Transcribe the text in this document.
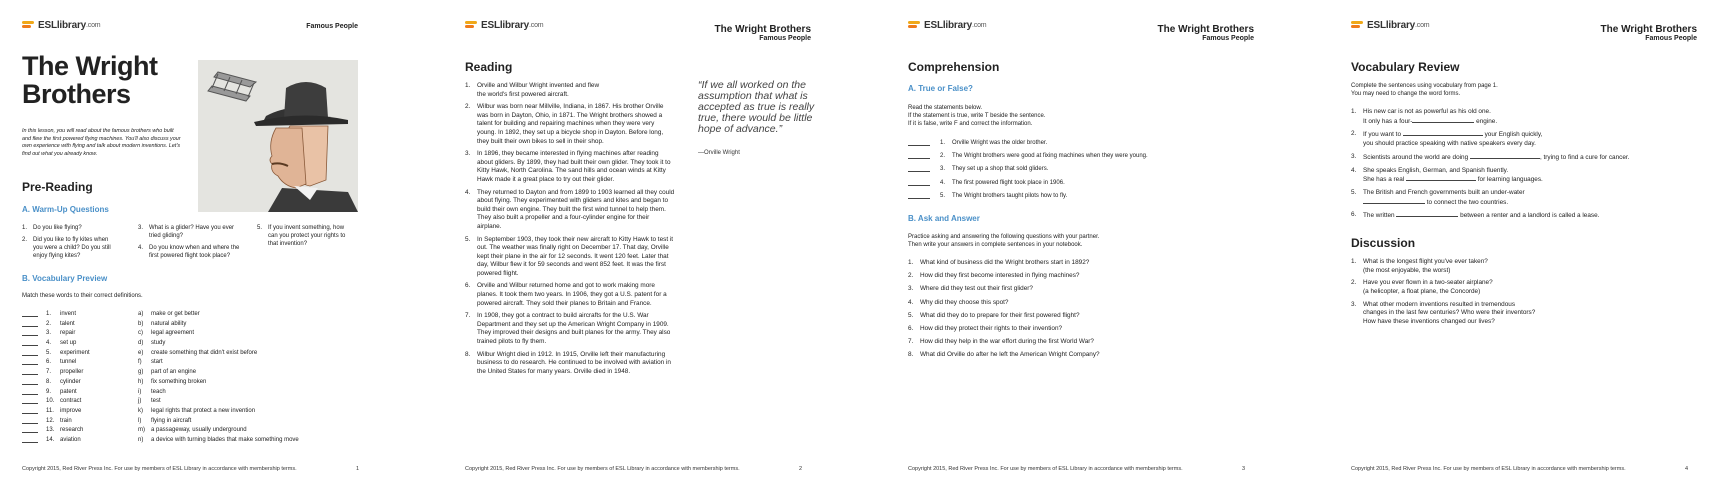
ESLlibrary .com	Famous People
The Wright Brothers
In this lesson, you will read about the famous brothers who built and flew the first powered flying machines. You'll also discuss your own experience with flying and talk about modern inventions. Let's find out what you already know.
Pre-Reading
A. Warm-Up Questions
1. Do you like flying?
2. Did you like to fly kites when you were a child? Do you still enjoy flying kites?
3. What is a glider? Have you ever tried gliding?
4. Do you know when and where the first powered flight took place?
5. If you invent something, how can you protect your rights to that invention?
B. Vocabulary Preview
Match these words to their correct definitions.
1.	invent	a)	make or get better
2.	talent	b)	natural ability
3.	repair	c)	legal agreement
4.	set up	d)	study
5.	experiment	e)	create something that didn't exist before
6.	tunnel	f)	start
7.	propeller	g)	part of an engine
8.	cylinder	h)	fix something broken
9.	patent	i)	teach
10. contract	j)	test
11.	improve	k)	legal rights that protect a new invention
12. train	l)	flying in aircraft
13. research	m)	a passageway, usually underground
14. aviation	n)	a device with turning blades that make something move
Copyright 2015, Red River Press Inc. For use by members of ESL Library in accordance with membership terms.	1
ESLlibrary .com	The Wright Brothers
Famous People
Reading
1.	Orville and Wilbur Wright invented and flew the world's first powered aircraft.
2.	Wilbur was born near Millville, Indiana, in 1867. His brother Orville was born in Dayton, Ohio, in 1871. The Wright brothers showed a talent for building and repairing machines when they were very young. In 1892, they set up a bicycle shop in Dayton. Before long, they built their own bikes to sell in their shop.
3.	In 1896, they became interested in flying machines after reading about gliders. By 1899, they had built their own glider. They took it to Kitty Hawk, North Carolina. The sand hills and ocean winds at Kitty Hawk made it a great place to try out their glider.
4.	They returned to Dayton and from 1899 to 1903 learned all they could about flying. They experimented with gliders and kites and began to build their own engine. They built the first wind tunnel to help them. They also built a propeller and a four-cylinder engine for their airplane.
5.	In September 1903, they took their new aircraft to Kitty Hawk to test it out. The weather was finally right on December 17. That day, Orville kept their plane in the air for 12 seconds. It went 120 feet. Later that day, Wilbur flew it for 59 seconds and went 852 feet. It was the first powered flight.
6.	Orville and Wilbur returned home and got to work making more planes. It took them two years. In 1906, they got a U.S. patent for a powered aircraft. They sold their planes to Britain and France.
7.	In 1908, they got a contract to build aircrafts for the U.S. War Department and they set up the American Wright Company in 1909. They improved their designs and built planes for the army. They also trained pilots to fly them.
8.	Wilbur Wright died in 1912. In 1915, Orville left their manufacturing business to do research. He continued to be involved with aviation in the United States for many years. Orville died in 1948.
“If we all worked on the assumption that what is accepted as true is really true, there would be little hope of advance.”
—Orville Wright
Copyright 2015, Red River Press Inc. For use by members of ESL Library in accordance with membership terms.	2
ESLlibrary .com	The Wright Brothers
Famous People
Comprehension
A. True or False?
Read the statements below.
If the statement is true, write T beside the sentence.
If it is false, write F and correct the information.
1.	Orville Wright was the older brother.
2.	The Wright brothers were good at fixing machines when they were young.
3.	They set up a shop that sold gliders.
4.	The first powered flight took place in 1906.
5.	The Wright brothers taught pilots how to fly.
B. Ask and Answer
Practice asking and answering the following questions with your partner.
Then write your answers in complete sentences in your notebook.
1.	What kind of business did the Wright brothers start in 1892?
2.	How did they first become interested in flying machines?
3.	Where did they test out their first glider?
4.	Why did they choose this spot?
5.	What did they do to prepare for their first powered flight?
6.	How did they protect their rights to their invention?
7.	How did they help in the war effort during the first World War?
8.	What did Orville do after he left the American Wright Company?
Copyright 2015, Red River Press Inc. For use by members of ESL Library in accordance with membership terms.	3
ESLlibrary .com	The Wright Brothers
Famous People
Vocabulary Review
Complete the sentences using vocabulary from page 1.
You may need to change the word forms.
1.	His new car is not as powerful as his old one.
It only has a four-	engine.
2.	If you want to	your English quickly,
you should practice speaking with native speakers every day.
3.	Scientists around the world are doing	, trying to find a cure for cancer.
4.	She speaks English, German, and Spanish fluently.
She has a real	for learning languages.
5.	The British and French governments built an under-water
to connect the two countries.
6.	The written	between a renter and a landlord is called a lease.
Discussion
1.	What is the longest flight you've ever taken?
(the most enjoyable, the worst)
2.	Have you ever flown in a two-seater airplane?
(a helicopter, a float plane, the Concorde)
3.	What other modern inventions resulted in tremendous
changes in the last few centuries? Who were their inventors?
How have these inventions changed our lives?
Copyright 2015, Red River Press Inc. For use by members of ESL Library in accordance with membership terms.	4
